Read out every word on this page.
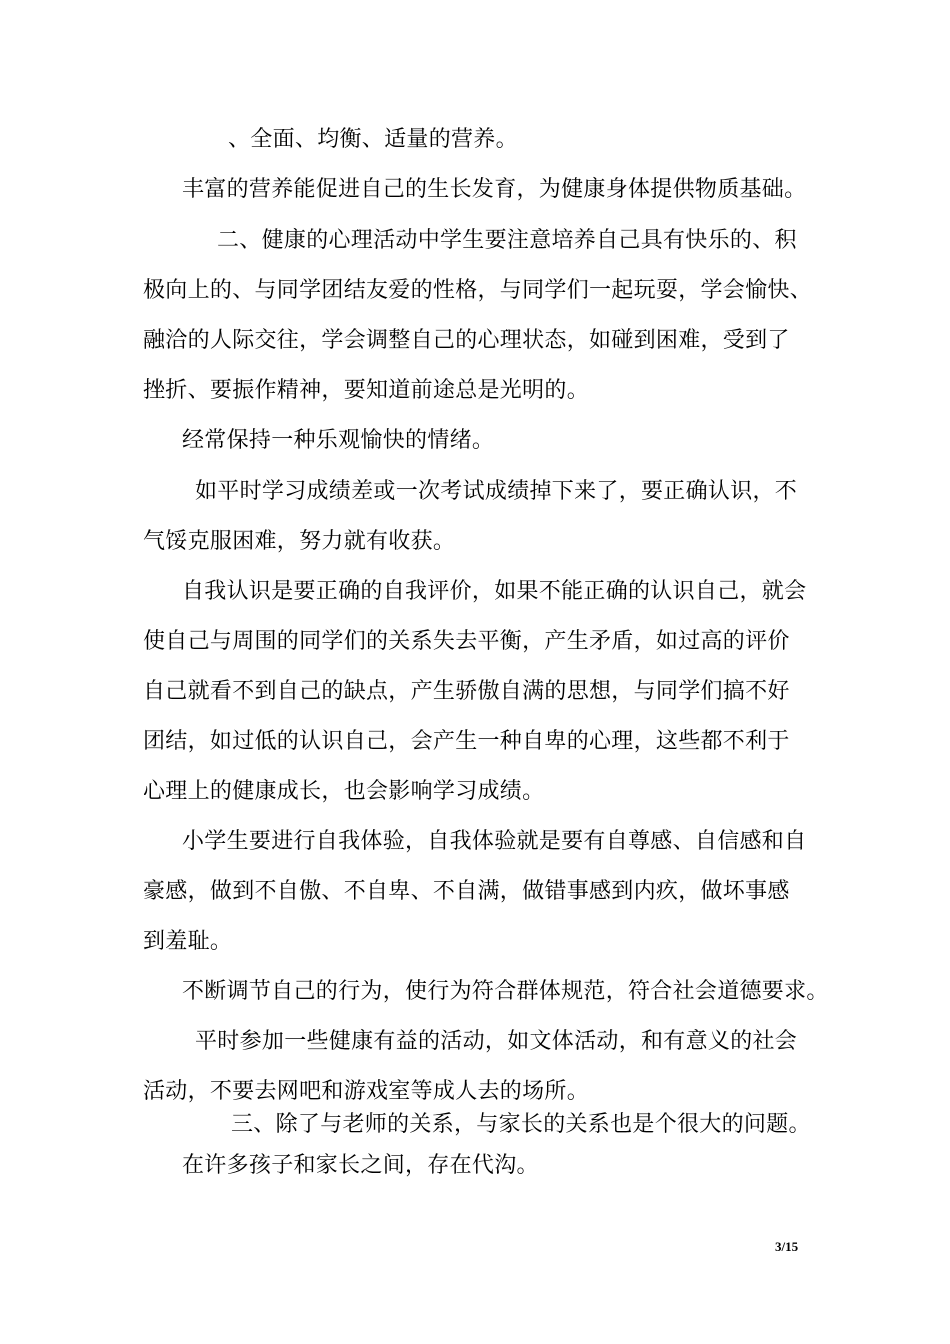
、全面、均衡、适量的营养。
丰富的营养能促进自己的生长发育，为健康身体提供物质基础。
二、健康的心理活动中学生要注意培养自己具有快乐的、积
极向上的、与同学团结友爱的性格，与同学们一起玩耍，学会愉快、
融洽的人际交往，学会调整自己的心理状态，如碰到困难，受到了
挫折、要振作精神，要知道前途总是光明的。
经常保持一种乐观愉快的情绪。
如平时学习成绩差或一次考试成绩掉下来了，要正确认识，不
气馁克服困难，努力就有收获。
自我认识是要正确的自我评价，如果不能正确的认识自己，就会
使自己与周围的同学们的关系失去平衡，产生矛盾，如过高的评价
自己就看不到自己的缺点，产生骄傲自满的思想，与同学们搞不好
团结，如过低的认识自己，会产生一种自卑的心理，这些都不利于
心理上的健康成长，也会影响学习成绩。
小学生要进行自我体验，自我体验就是要有自尊感、自信感和自
豪感，做到不自傲、不自卑、不自满，做错事感到内疚，做坏事感
到羞耻。
不断调节自己的行为，使行为符合群体规范，符合社会道德要求。
平时参加一些健康有益的活动，如文体活动，和有意义的社会
活动，不要去网吧和游戏室等成人去的场所。
三、除了与老师的关系，与家长的关系也是个很大的问题。
在许多孩子和家长之间，存在代沟。
3/15
